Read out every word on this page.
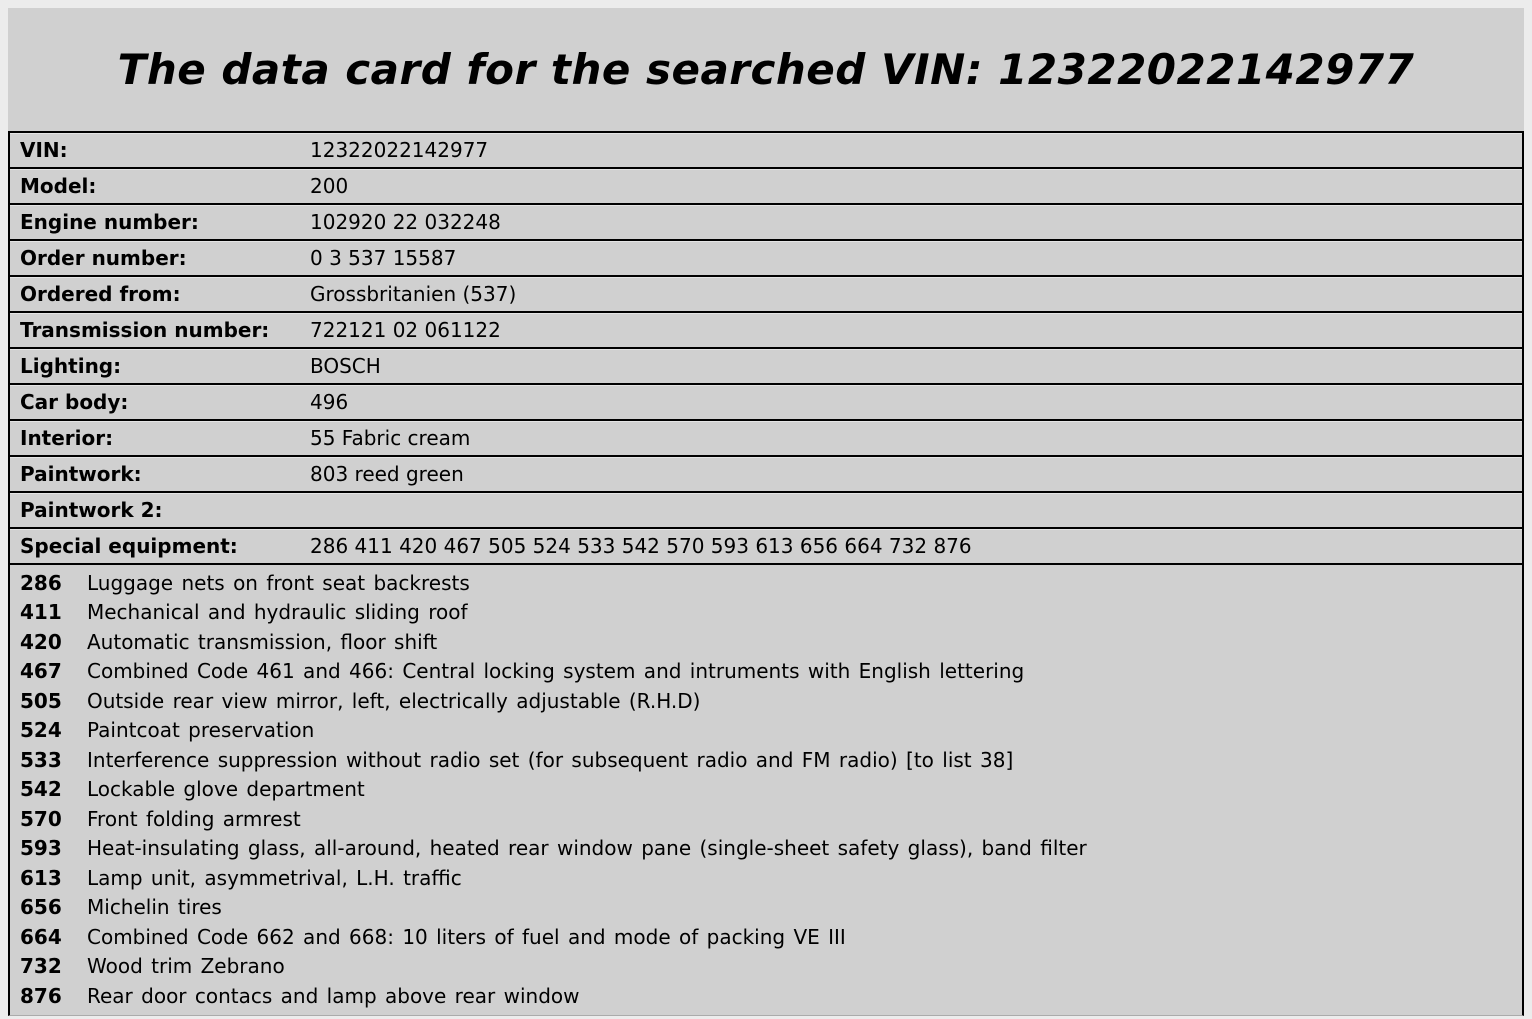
The data card for the searched VIN: 12322022142977
VIN:	12322022142977
Model:	200
Engine number:	102920 22 032248
Order number:	0 3 537 15587
Ordered from:	Grossbritanien (537)
Transmission number:	722121 02 061122
Lighting:	BOSCH
Car body:	496
Interior:	55 Fabric cream
Paintwork:	803 reed green
Paintwork 2:
Special equipment:	286 411 420 467 505 524 533 542 570 593 613 656 664 732 876
286	Luggage nets on front seat backrests
411	Mechanical and hydraulic sliding roof
420	Automatic transmission, floor shift
467	Combined Code 461 and 466: Central locking system and intruments with English lettering
505	Outside rear view mirror, left, electrically adjustable (R.H.D)
524	Paintcoat preservation
533	Interference suppression without radio set (for subsequent radio and FM radio) [to list 38]
542	Lockable glove department
570	Front folding armrest
593	Heat-insulating glass, all-around, heated rear window pane (single-sheet safety glass), band filter
613	Lamp unit, asymmetrival, L.H. traffic
656	Michelin tires
664	Combined Code 662 and 668: 10 liters of fuel and mode of packing VE III
732	Wood trim Zebrano
876	Rear door contacs and lamp above rear window
